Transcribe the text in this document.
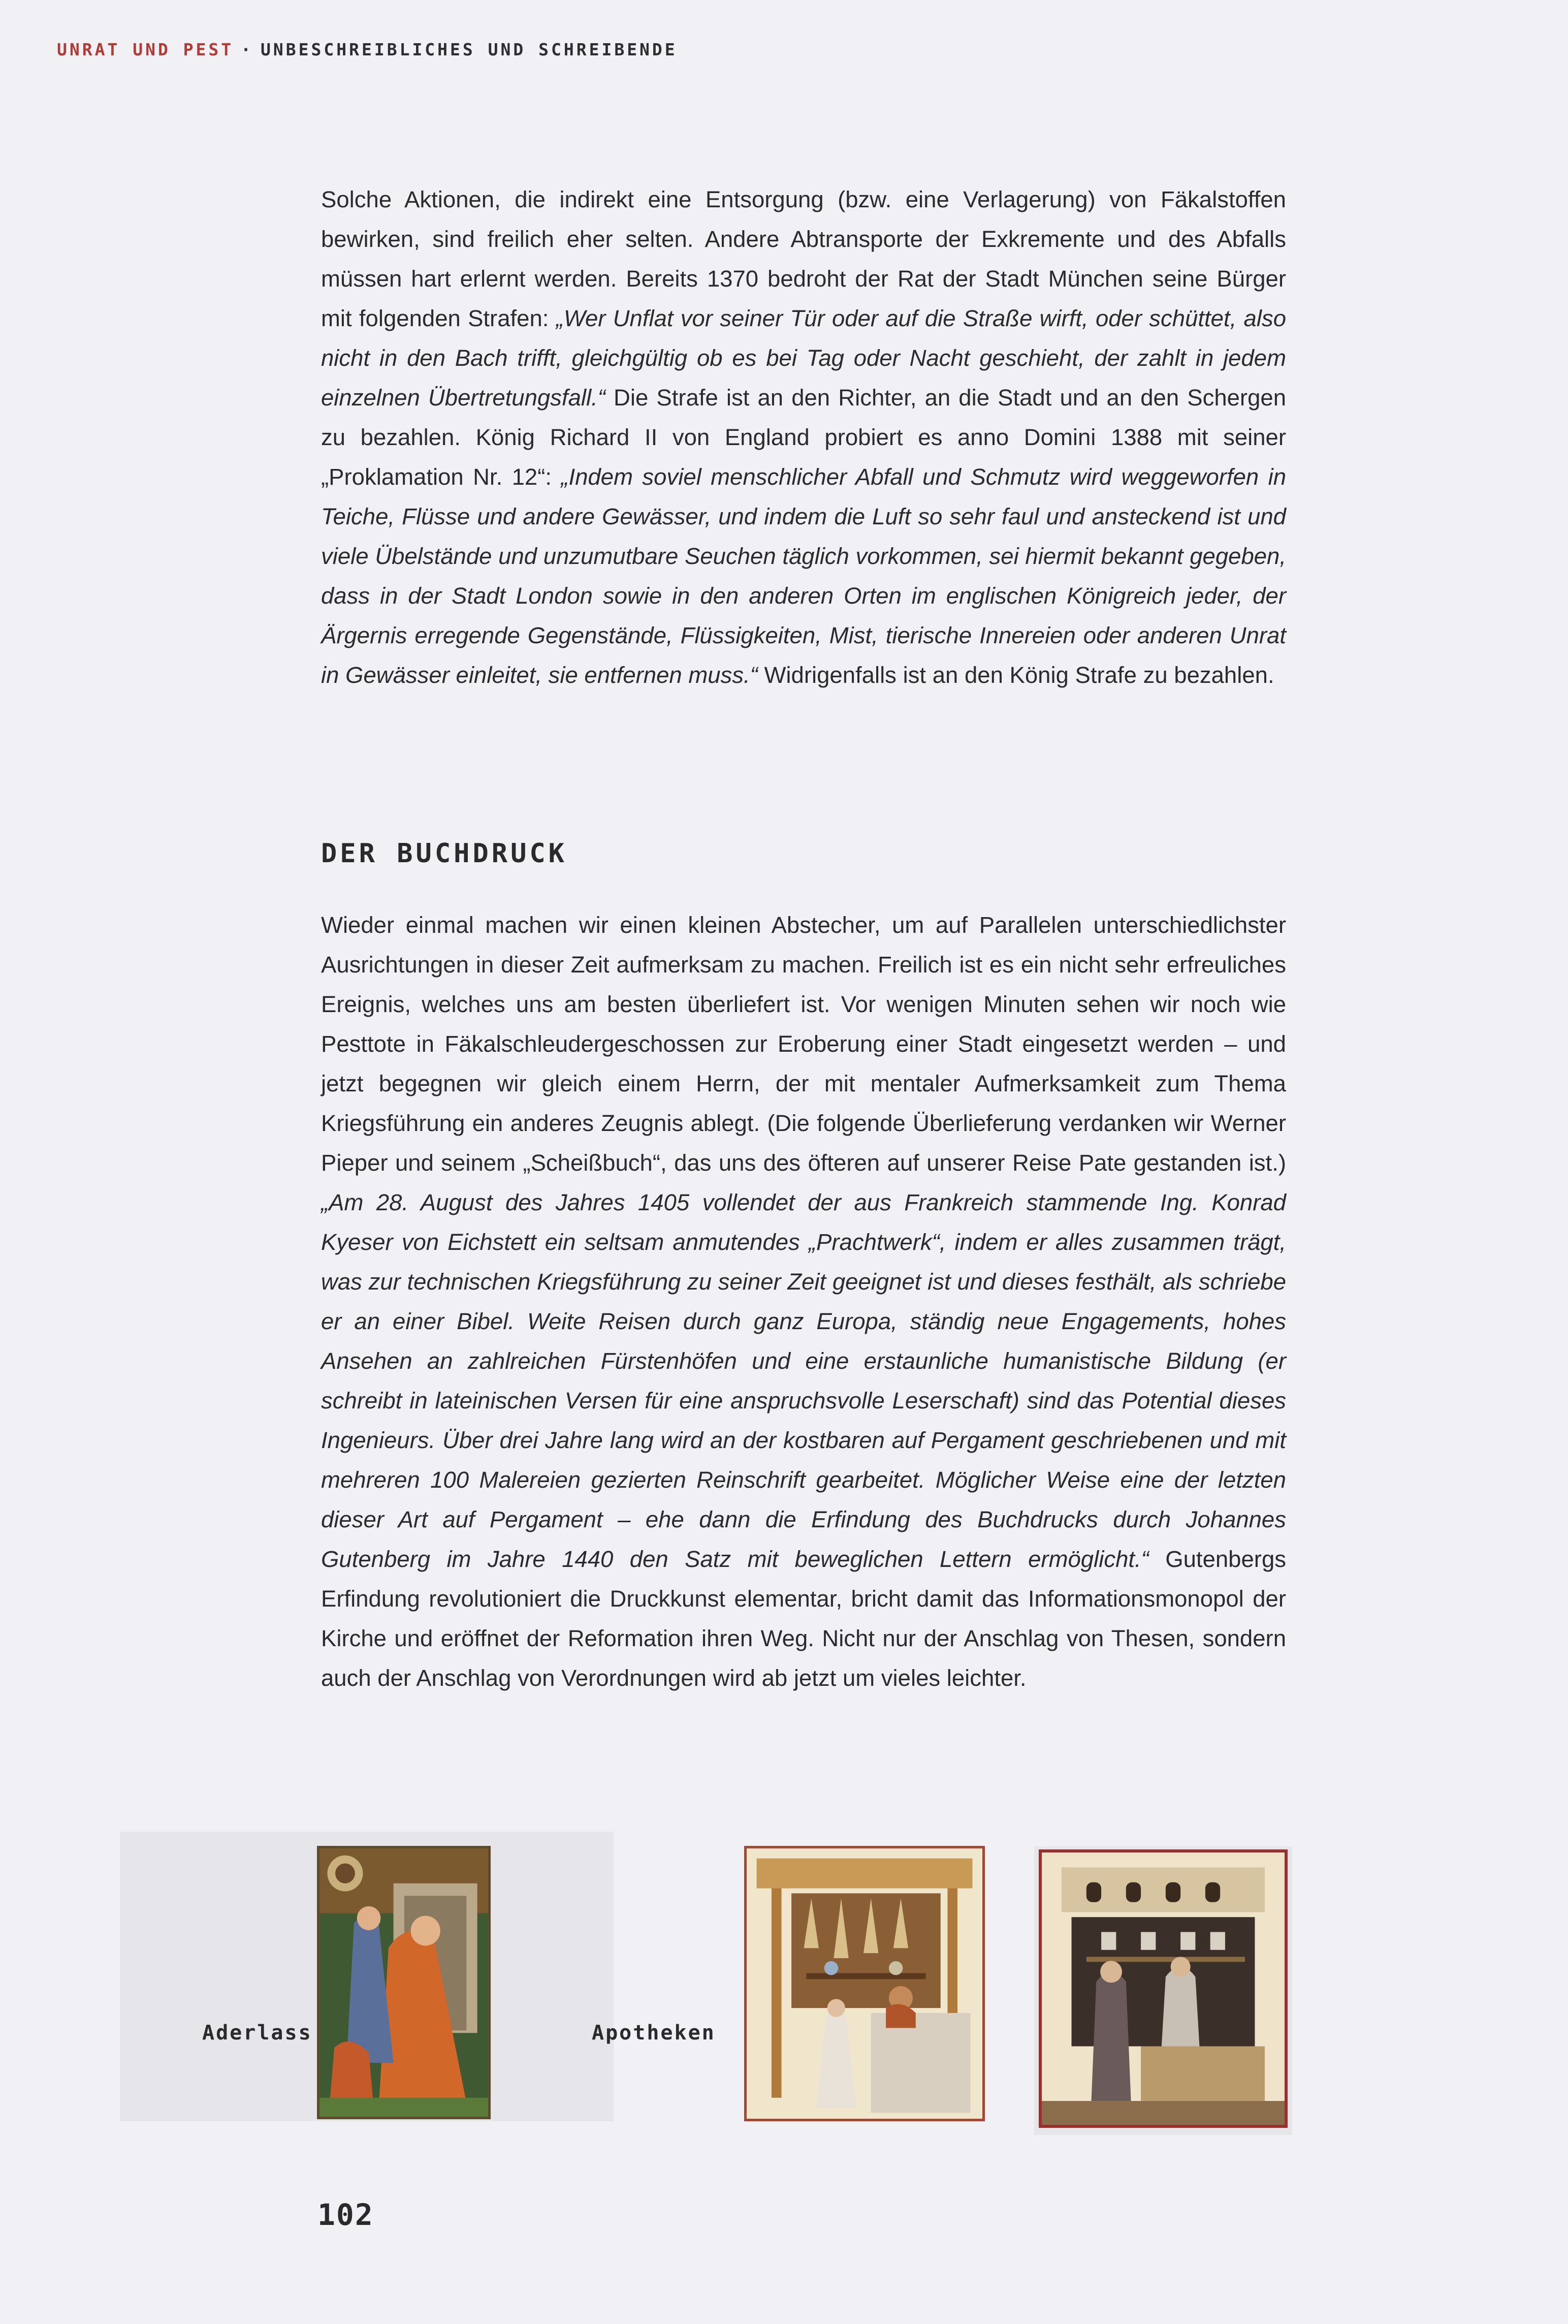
UNRAT UND PEST · UNBESCHREIBLICHES UND SCHREIBENDE

Solche Aktionen, die indirekt eine Entsorgung (bzw. eine Verlagerung) von Fäkalstoffen bewirken, sind freilich eher selten. Andere Abtransporte der Exkremente und des Abfalls müssen hart erlernt werden. Bereits 1370 bedroht der Rat der Stadt München seine Bürger mit folgenden Strafen: „Wer Unflat vor seiner Tür oder auf die Straße wirft, oder schüttet, also nicht in den Bach trifft, gleichgültig ob es bei Tag oder Nacht geschieht, der zahlt in jedem einzelnen Übertretungsfall.“ Die Strafe ist an den Richter, an die Stadt und an den Schergen zu bezahlen. König Richard II von England probiert es anno Domini 1388 mit seiner „Proklamation Nr. 12“: „Indem soviel menschlicher Abfall und Schmutz wird weggeworfen in Teiche, Flüsse und andere Gewässer, und indem die Luft so sehr faul und ansteckend ist und viele Übelstände und unzumutbare Seuchen täglich vorkommen, sei hiermit bekannt gegeben, dass in der Stadt London sowie in den anderen Orten im englischen Königreich jeder, der Ärgernis erregende Gegenstände, Flüssigkeiten, Mist, tierische Innereien oder anderen Unrat in Gewässer einleitet, sie entfernen muss.“ Widrigenfalls ist an den König Strafe zu bezahlen.

DER BUCHDRUCK

Wieder einmal machen wir einen kleinen Abstecher, um auf Parallelen unterschiedlichster Ausrichtungen in dieser Zeit aufmerksam zu machen. Freilich ist es ein nicht sehr erfreuliches Ereignis, welches uns am besten überliefert ist. Vor wenigen Minuten sehen wir noch wie Pesttote in Fäkalschleudergeschossen zur Eroberung einer Stadt eingesetzt werden – und jetzt begegnen wir gleich einem Herrn, der mit mentaler Aufmerksamkeit zum Thema Kriegsführung ein anderes Zeugnis ablegt. (Die folgende Überlieferung verdanken wir Werner Pieper und seinem „Scheißbuch“, das uns des öfteren auf unserer Reise Pate gestanden ist.) „Am 28. August des Jahres 1405 vollendet der aus Frankreich stammende Ing. Konrad Kyeser von Eichstett ein seltsam anmutendes „Prachtwerk“, indem er alles zusammen trägt, was zur technischen Kriegsführung zu seiner Zeit geeignet ist und dieses festhält, als schriebe er an einer Bibel. Weite Reisen durch ganz Europa, ständig neue Engagements, hohes Ansehen an zahlreichen Fürstenhöfen und eine erstaunliche humanistische Bildung (er schreibt in lateinischen Versen für eine anspruchsvolle Leserschaft) sind das Potential dieses Ingenieurs. Über drei Jahre lang wird an der kostbaren auf Pergament geschriebenen und mit mehreren 100 Malereien gezierten Reinschrift gearbeitet. Möglicher Weise eine der letzten dieser Art auf Pergament – ehe dann die Erfindung des Buchdrucks durch Johannes Gutenberg im Jahre 1440 den Satz mit beweglichen Lettern ermöglicht.“ Gutenbergs Erfindung revolutioniert die Druckkunst elementar, bricht damit das Informationsmonopol der Kirche und eröffnet der Reformation ihren Weg. Nicht nur der Anschlag von Thesen, sondern auch der Anschlag von Verordnungen wird ab jetzt um vieles leichter.

Aderlass	Apotheken
102
